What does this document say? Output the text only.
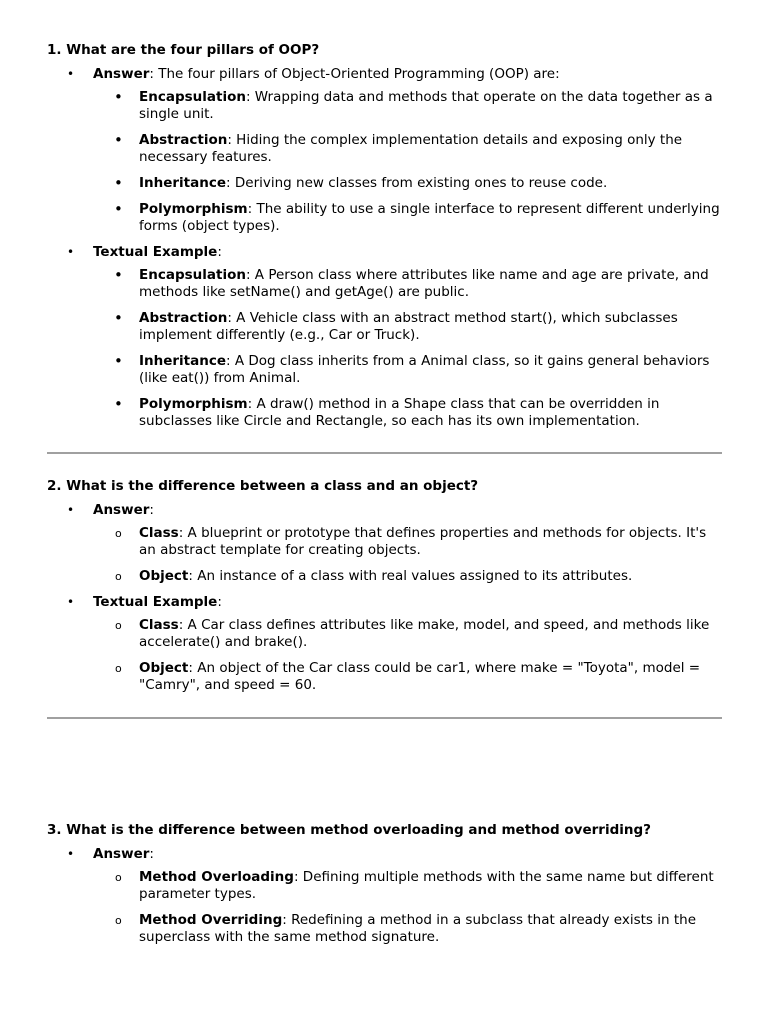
1. What are the four pillars of OOP?
• Answer: The four pillars of Object-Oriented Programming (OOP) are:
• Encapsulation: Wrapping data and methods that operate on the data together as a single unit.
• Abstraction: Hiding the complex implementation details and exposing only the necessary features.
• Inheritance: Deriving new classes from existing ones to reuse code.
• Polymorphism: The ability to use a single interface to represent different underlying forms (object types).
• Textual Example:
• Encapsulation: A Person class where attributes like name and age are private, and methods like setName() and getAge() are public.
• Abstraction: A Vehicle class with an abstract method start(), which subclasses implement differently (e.g., Car or Truck).
• Inheritance: A Dog class inherits from a Animal class, so it gains general behaviors (like eat()) from Animal.
• Polymorphism: A draw() method in a Shape class that can be overridden in subclasses like Circle and Rectangle, so each has its own implementation.
2. What is the difference between a class and an object?
• Answer:
o Class: A blueprint or prototype that defines properties and methods for objects. It's an abstract template for creating objects.
o Object: An instance of a class with real values assigned to its attributes.
• Textual Example:
o Class: A Car class defines attributes like make, model, and speed, and methods like accelerate() and brake().
o Object: An object of the Car class could be car1, where make = "Toyota", model = "Camry", and speed = 60.
3. What is the difference between method overloading and method overriding?
• Answer:
o Method Overloading: Defining multiple methods with the same name but different parameter types.
o Method Overriding: Redefining a method in a subclass that already exists in the superclass with the same method signature.
